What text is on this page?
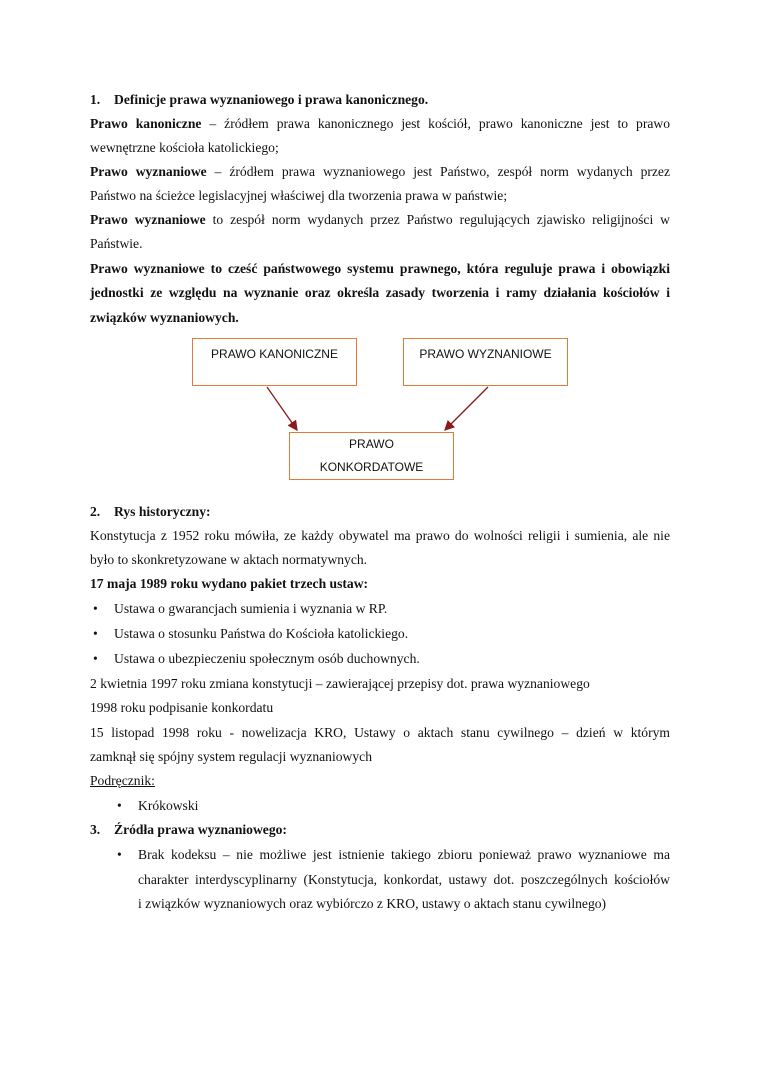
1. Definicje prawa wyznaniowego i prawa kanonicznego.
Prawo kanoniczne – źródłem prawa kanonicznego jest kościół, prawo kanoniczne jest to prawo
wewnętrzne kościoła katolickiego;
Prawo wyznaniowe – źródłem prawa wyznaniowego jest Państwo, zespół norm wydanych przez
Państwo na ścieżce legislacyjnej właściwej dla tworzenia prawa w państwie;
Prawo wyznaniowe to zespół norm wydanych przez Państwo regulujących zjawisko religijności w
Państwie.
Prawo wyznaniowe to cześć państwowego systemu prawnego, która reguluje prawa i obowiązki
jednostki ze względu na wyznanie oraz określa zasady tworzenia i ramy działania kościołów i
związków wyznaniowych.
PRAWO KANONICZNE	PRAWO WYZNANIOWE
PRAWO
KONKORDATOWE
2. Rys historyczny:
Konstytucja z 1952 roku mówiła, ze każdy obywatel ma prawo do wolności religii i sumienia, ale nie
było to skonkretyzowane w aktach normatywnych.
17 maja 1989 roku wydano pakiet trzech ustaw:
• Ustawa o gwarancjach sumienia i wyznania w RP.
• Ustawa o stosunku Państwa do Kościoła katolickiego.
• Ustawa o ubezpieczeniu społecznym osób duchownych.
2 kwietnia 1997 roku zmiana konstytucji – zawierającej przepisy dot. prawa wyznaniowego
1998 roku podpisanie konkordatu
15 listopad 1998 roku - nowelizacja KRO, Ustawy o aktach stanu cywilnego – dzień w którym
zamknął się spójny system regulacji wyznaniowych
Podręcznik:
• Krókowski
3. Źródła prawa wyznaniowego:
•	Brak kodeksu – nie możliwe jest istnienie takiego zbioru ponieważ prawo wyznaniowe ma
charakter interdyscyplinarny (Konstytucja, konkordat, ustawy dot. poszczególnych kościołów
i związków wyznaniowych oraz wybiórczo z KRO, ustawy o aktach stanu cywilnego)
